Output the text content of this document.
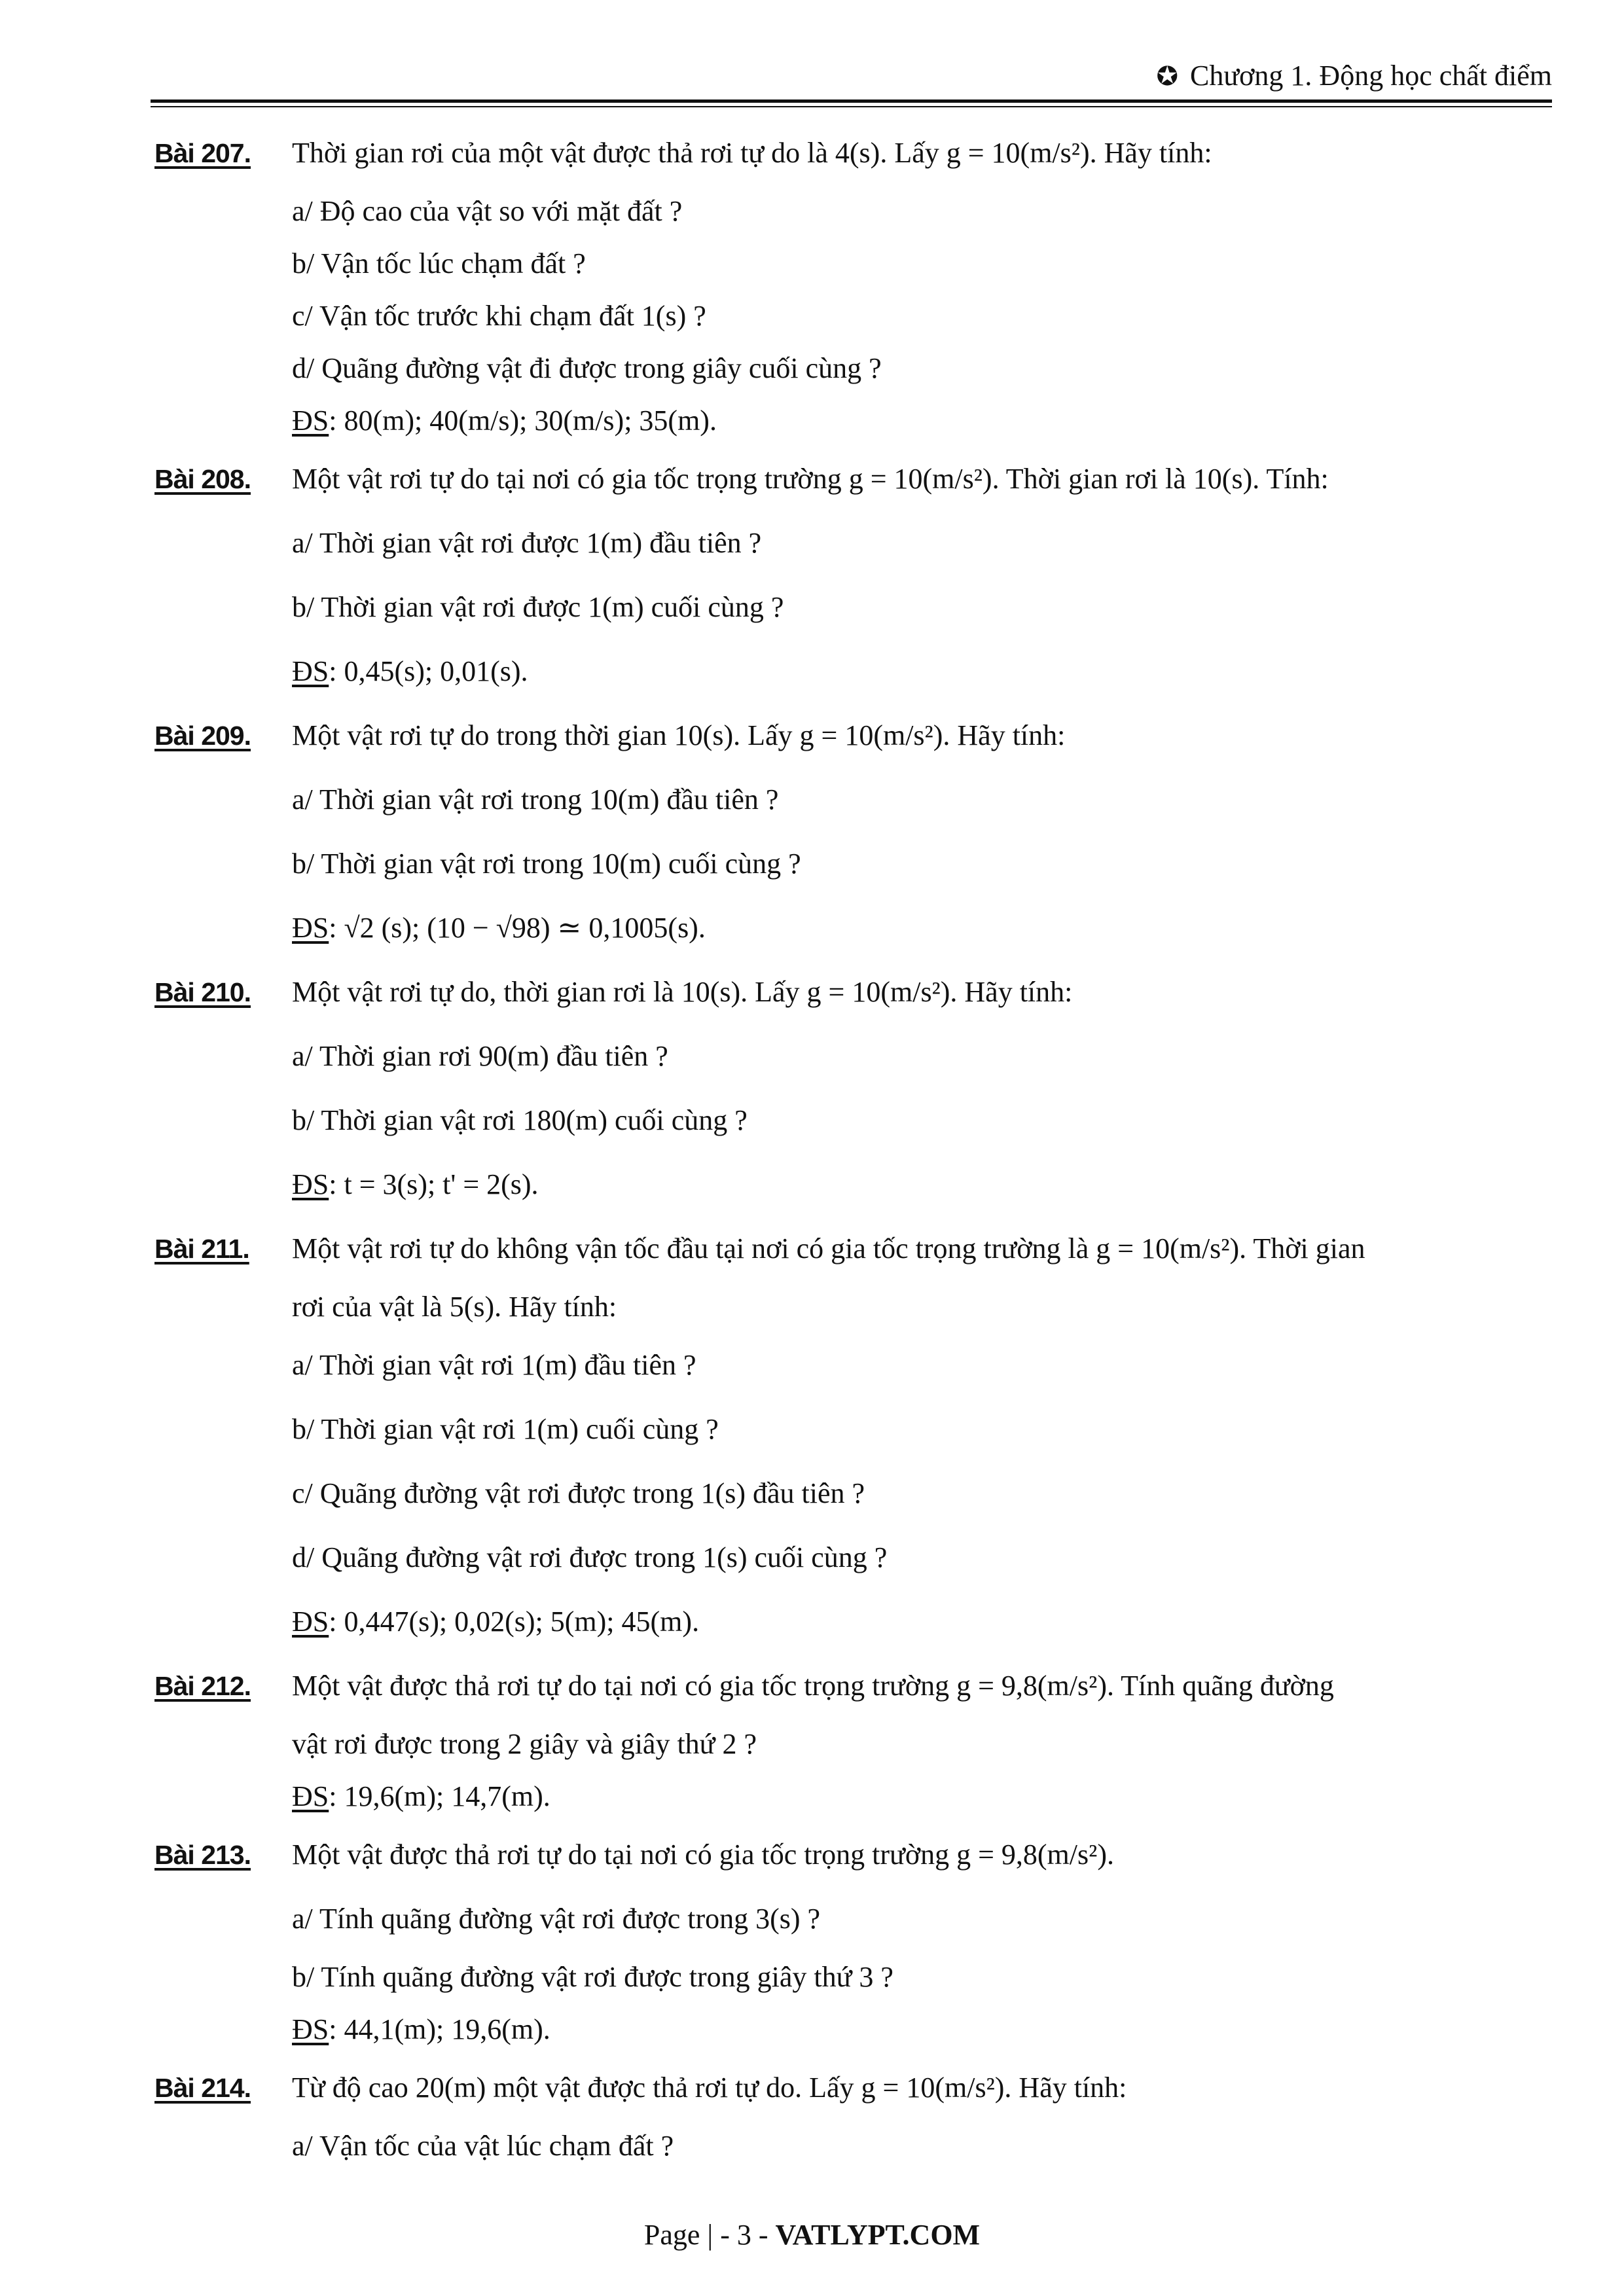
✪ Chương 1. Động học chất điểm
Bài 207. Thời gian rơi của một vật được thả rơi tự do là 4(s). Lấy g = 10(m/s²). Hãy tính:
a/ Độ cao của vật so với mặt đất ?
b/ Vận tốc lúc chạm đất ?
c/ Vận tốc trước khi chạm đất 1(s) ?
d/ Quãng đường vật đi được trong giây cuối cùng ?
ĐS: 80(m); 40(m/s); 30(m/s); 35(m).
Bài 208. Một vật rơi tự do tại nơi có gia tốc trọng trường g = 10(m/s²). Thời gian rơi là 10(s). Tính:
a/ Thời gian vật rơi được 1(m) đầu tiên ?
b/ Thời gian vật rơi được 1(m) cuối cùng ?
ĐS: 0,45(s); 0,01(s).
Bài 209. Một vật rơi tự do trong thời gian 10(s). Lấy g = 10(m/s²). Hãy tính:
a/ Thời gian vật rơi trong 10(m) đầu tiên ?
b/ Thời gian vật rơi trong 10(m) cuối cùng ?
ĐS: √2 (s); (10 − √98) ≃ 0,1005(s).
Bài 210. Một vật rơi tự do, thời gian rơi là 10(s). Lấy g = 10(m/s²). Hãy tính:
a/ Thời gian rơi 90(m) đầu tiên ?
b/ Thời gian vật rơi 180(m) cuối cùng ?
ĐS: t = 3(s); t' = 2(s).
Bài 211. Một vật rơi tự do không vận tốc đầu tại nơi có gia tốc trọng trường là g = 10(m/s²). Thời gian
rơi của vật là 5(s). Hãy tính:
a/ Thời gian vật rơi 1(m) đầu tiên ?
b/ Thời gian vật rơi 1(m) cuối cùng ?
c/ Quãng đường vật rơi được trong 1(s) đầu tiên ?
d/ Quãng đường vật rơi được trong 1(s) cuối cùng ?
ĐS: 0,447(s); 0,02(s); 5(m); 45(m).
Bài 212. Một vật được thả rơi tự do tại nơi có gia tốc trọng trường g = 9,8(m/s²). Tính quãng đường
vật rơi được trong 2 giây và giây thứ 2 ?
ĐS: 19,6(m); 14,7(m).
Bài 213. Một vật được thả rơi tự do tại nơi có gia tốc trọng trường g = 9,8(m/s²).
a/ Tính quãng đường vật rơi được trong 3(s) ?
b/ Tính quãng đường vật rơi được trong giây thứ 3 ?
ĐS: 44,1(m); 19,6(m).
Bài 214. Từ độ cao 20(m) một vật được thả rơi tự do. Lấy g = 10(m/s²). Hãy tính:
a/ Vận tốc của vật lúc chạm đất ?
Page | - 3 - VATLYPT.COM
